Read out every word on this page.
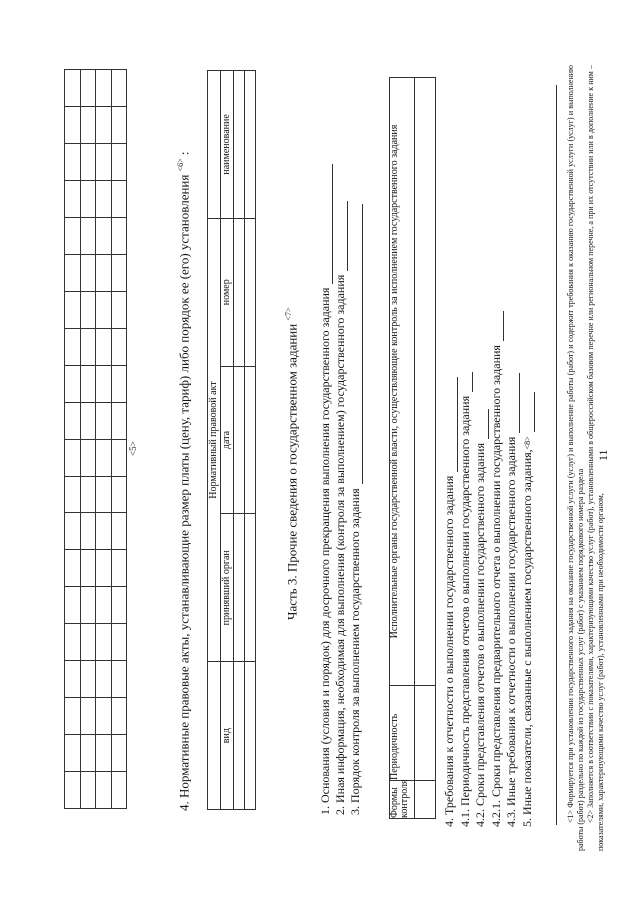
11

<5>	4. Нормативные правовые акты, устанавливающие размер платы (цену, тариф) либо порядок ее (его) установления $^{<6>}$ :
	Нормативный правовой акт			
вид	принявший орган	дата	номер	наименование

Часть 3. Прочие сведения о государственном задании $^{<7>}$	1. Основания (условия и порядок) для досрочного прекращения выполнения государственного задания 2. Иная информация, необходимая для выполнения (контроля за выполнением) государственного задания 3. Порядок контроля за выполнением государственного задания	Формы контроля	Периодичность	Исполнительные органы государственной власти, осуществляющие контроль за исполнением государственного задания

4. Требования к отчетности о выполнении государственного задания 4.1. Периодичность представления отчетов о выполнении государственного задания 4.2. Сроки представления отчетов о выполнении государственного задания 4.2.1. Сроки представления предварительного отчета о выполнении государственного задания 4.3. Иные требования к отчетности о выполнении государственного задания 5. Иные показатели, связанные с выполнением государственного задания,
<8>	<1> Формируется при установлении государственного задания на оказание государственной услуги (услуг) и выполнение работы (работ) и содержит требования к оказанию государственной услуги (услуг) и выполнению работы (работ) раздельно по каждой из государственных услуг (работ) с указанием порядкового номера раздела <2> Заполняется в соответствии с показателями, характеризующими качество услуг (работ), установленными в общероссийском базовом перечне или региональном перечне, а при их отсутствии или в дополнение к ним – показателями, характеризующими качество услуг (работ), установленными при необходимости органом,
